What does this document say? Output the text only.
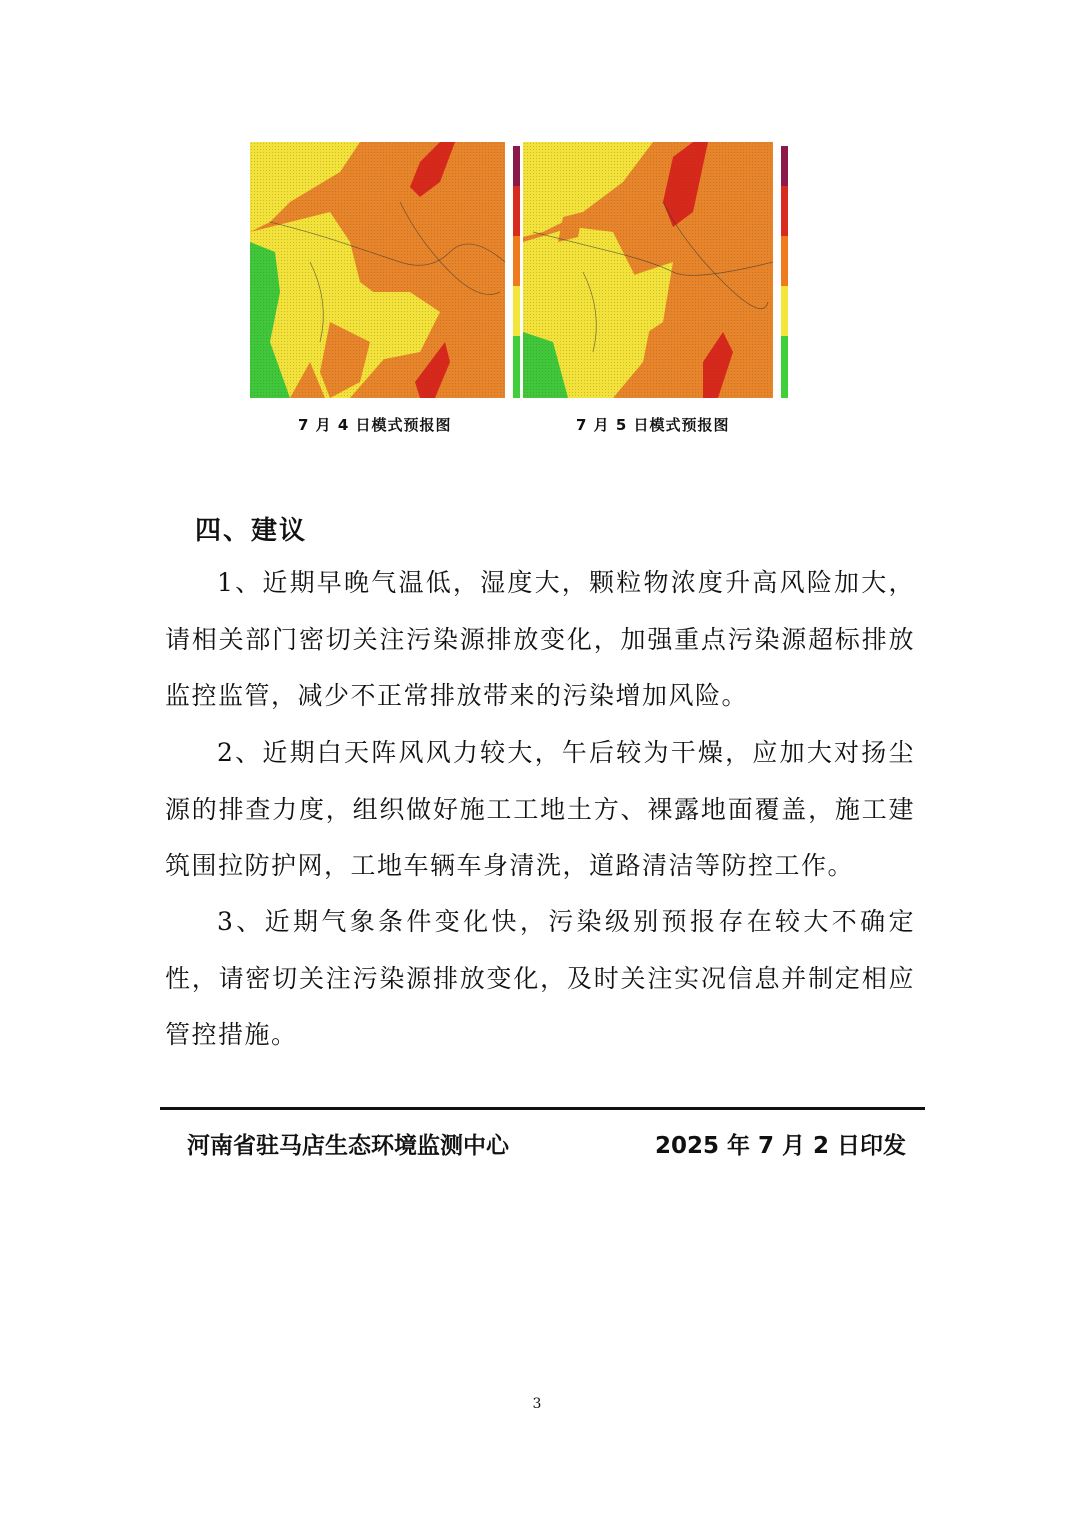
7 月 4 日模式预报图	7 月 5 日模式预报图
四、建议
1、近期早晚气温低，湿度大，颗粒物浓度升高风险加大，请相关部门密切关注污染源排放变化，加强重点污染源超标排放监控监管，减少不正常排放带来的污染增加风险。
2、近期白天阵风风力较大，午后较为干燥，应加大对扬尘源的排查力度，组织做好施工工地土方、裸露地面覆盖，施工建筑围拉防护网，工地车辆车身清洗，道路清洁等防控工作。
3、近期气象条件变化快，污染级别预报存在较大不确定性，请密切关注污染源排放变化，及时关注实况信息并制定相应管控措施。
河南省驻马店生态环境监测中心	2025 年 7 月 2 日印发
3
